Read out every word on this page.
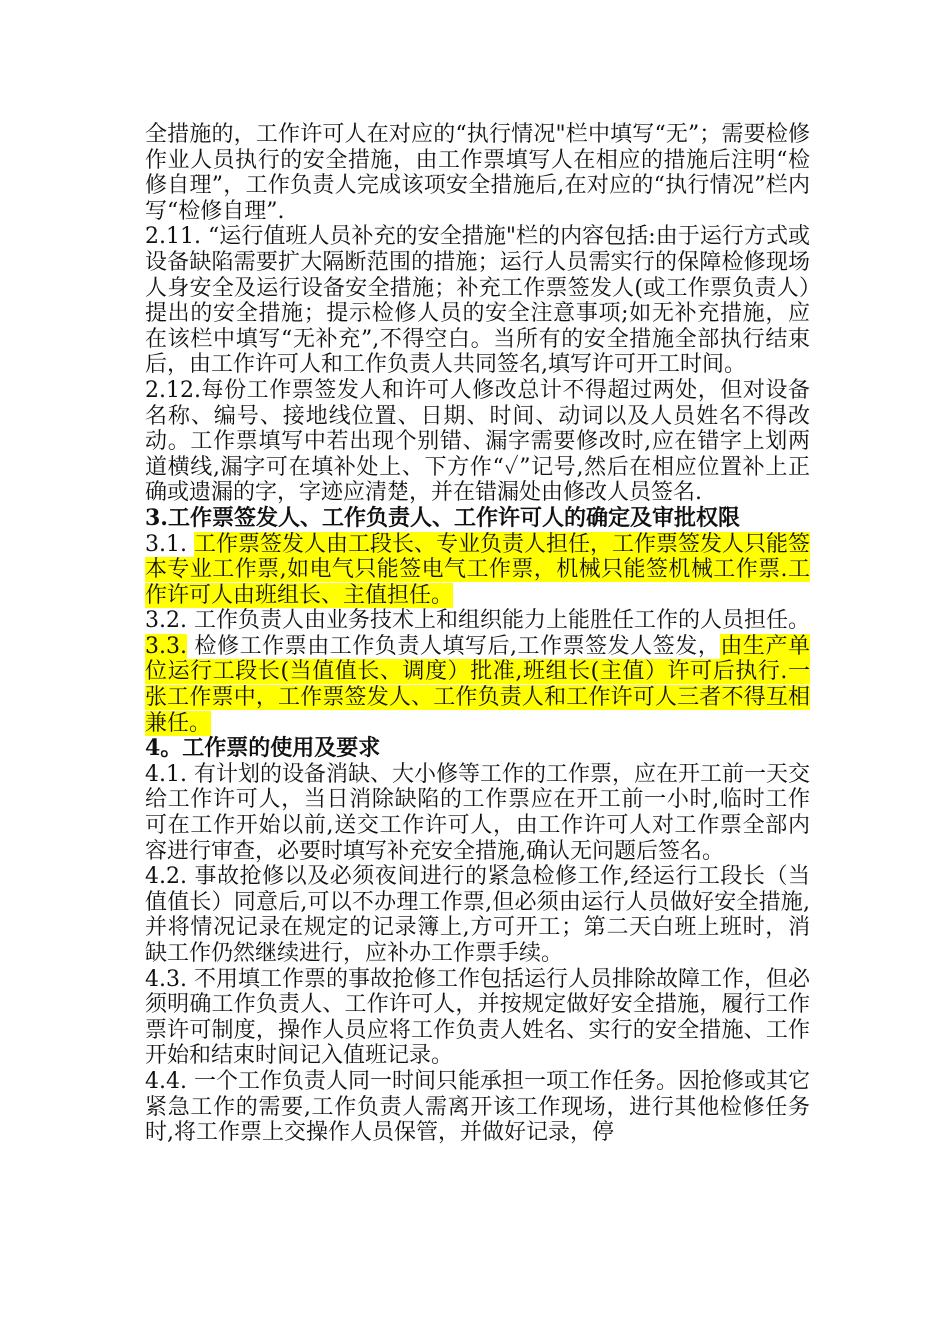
全措施的，工作许可人在对应的“执行情况"栏中填写“无”；需要检修作业人员执行的安全措施，由工作票填写人在相应的措施后注明“检修自理”，工作负责人完成该项安全措施后,在对应的“执行情况”栏内写“检修自理”.

2.11. “运行值班人员补充的安全措施"栏的内容包括:由于运行方式或设备缺陷需要扩大隔断范围的措施；运行人员需实行的保障检修现场人身安全及运行设备安全措施；补充工作票签发人(或工作票负责人）提出的安全措施；提示检修人员的安全注意事项;如无补充措施，应在该栏中填写“无补充”,不得空白。当所有的安全措施全部执行结束后，由工作许可人和工作负责人共同签名,填写许可开工时间。

2.12.每份工作票签发人和许可人修改总计不得超过两处，但对设备名称、编号、接地线位置、日期、时间、动词以及人员姓名不得改动。工作票填写中若出现个别错、漏字需要修改时,应在错字上划两道横线,漏字可在填补处上、下方作“✓”记号,然后在相应位置补上正确或遗漏的字，字迹应清楚，并在错漏处由修改人员签名.

3.工作票签发人、工作负责人、工作许可人的确定及审批权限

3.1. 工作票签发人由工段长、专业负责人担任，工作票签发人只能签本专业工作票,如电气只能签电气工作票，机械只能签机械工作票.工作许可人由班组长、主值担任。

3.2. 工作负责人由业务技术上和组织能力上能胜任工作的人员担任。

3.3. 检修工作票由工作负责人填写后,工作票签发人签发，由生产单位运行工段长(当值值长、调度）批准,班组长(主值）许可后执行.一张工作票中，工作票签发人、工作负责人和工作许可人三者不得互相兼任。

4。工作票的使用及要求

4.1. 有计划的设备消缺、大小修等工作的工作票，应在开工前一天交给工作许可人，当日消除缺陷的工作票应在开工前一小时,临时工作可在工作开始以前,送交工作许可人，由工作许可人对工作票全部内容进行审查，必要时填写补充安全措施,确认无问题后签名。

4.2. 事故抢修以及必须夜间进行的紧急检修工作,经运行工段长（当值值长）同意后,可以不办理工作票,但必须由运行人员做好安全措施,并将情况记录在规定的记录簿上,方可开工；第二天白班上班时，消缺工作仍然继续进行，应补办工作票手续。

4.3. 不用填工作票的事故抢修工作包括运行人员排除故障工作，但必须明确工作负责人、工作许可人，并按规定做好安全措施，履行工作票许可制度，操作人员应将工作负责人姓名、实行的安全措施、工作开始和结束时间记入值班记录。

4.4. 一个工作负责人同一时间只能承担一项工作任务。因抢修或其它紧急工作的需要,工作负责人需离开该工作现场，进行其他检修任务时,将工作票上交操作人员保管，并做好记录，停
